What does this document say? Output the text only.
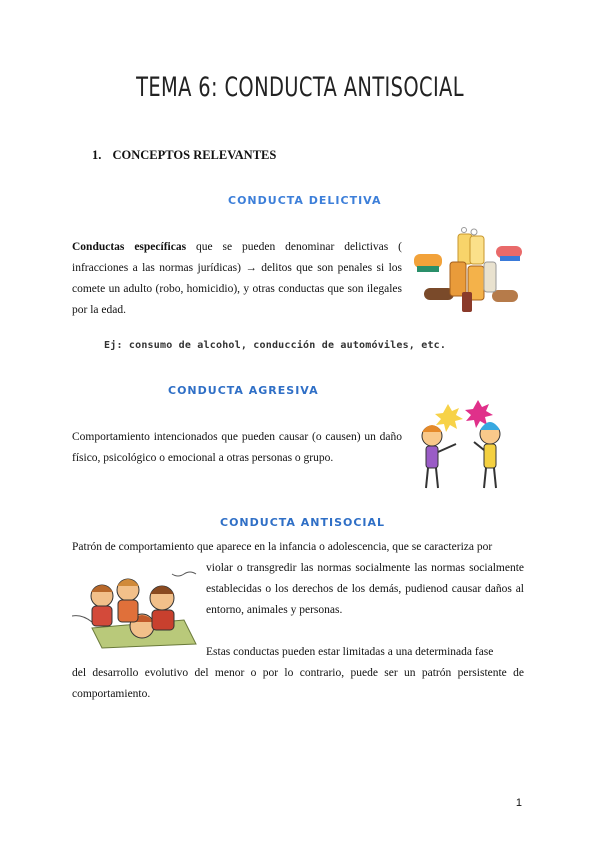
TEMA 6: CONDUCTA ANTISOCIAL
1. CONCEPTOS RELEVANTES
CONDUCTA DELICTIVA
Conductas específicas que se pueden denominar delictivas ( infracciones a las normas jurídicas) → delitos que son penales si los comete un adulto (robo, homicidio), y otras conductas que son ilegales por la edad.
Ej: consumo de alcohol, conducción de automóviles, etc.
CONDUCTA AGRESIVA
Comportamiento intencionados que pueden causar (o causen) un daño físico, psicológico o emocional a otras personas o grupo.
CONDUCTA ANTISOCIAL
Patrón de comportamiento que aparece en la infancia o adolescencia, que se caracteriza por
violar o transgredir las normas socialmente las normas socialmente establecidas o los derechos de los demás, pudienod causar daños al entorno, animales y personas.
Estas conductas pueden estar limitadas a una determinada fase
del desarrollo evolutivo del menor o por lo contrario, puede ser un patrón persistente de comportamiento.
1
